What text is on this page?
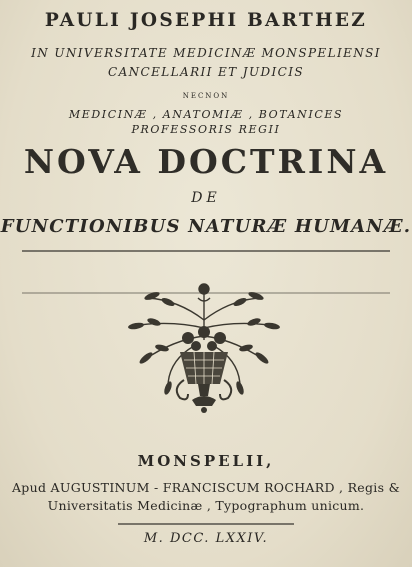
PAULI JOSEPHI BARTHEZ
IN UNIVERSITATE MEDICINÆ MONSPELIENSI
CANCELLARII ET JUDICIS
NECNON
MEDICINÆ , ANATOMIÆ , BOTANICES
PROFESSORIS REGII
NOVA DOCTRINA
DE
FUNCTIONIBUS NATURÆ HUMANÆ.
MONSPELII,
Apud AUGUSTINUM - FRANCISCUM ROCHARD , Regis &
Universitatis Medicinæ , Typographum unicum.
M. DCC. LXXIV.
